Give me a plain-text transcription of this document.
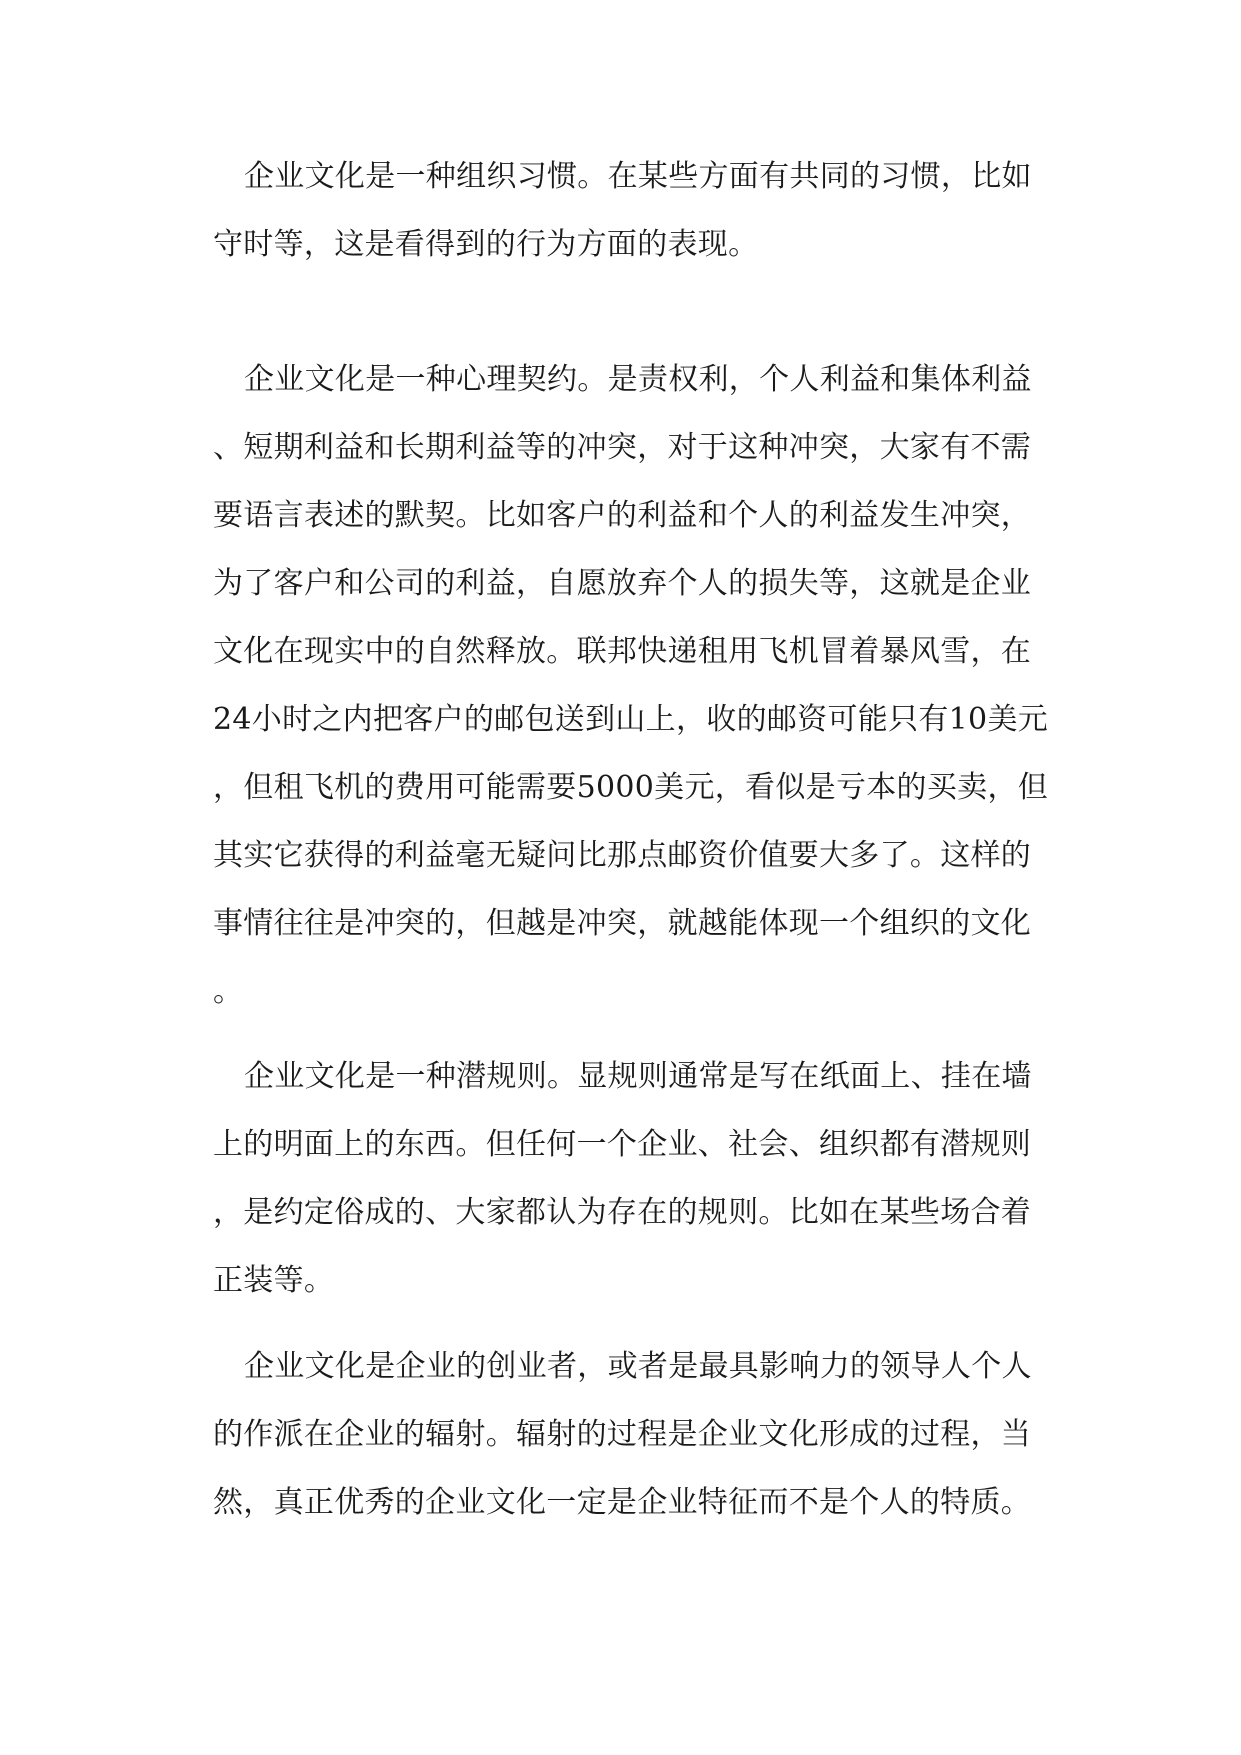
企业文化是一种组织习惯。在某些方面有共同的习惯，比如
守时等，这是看得到的行为方面的表现。
企业文化是一种心理契约。是责权利，个人利益和集体利益
、短期利益和长期利益等的冲突，对于这种冲突，大家有不需
要语言表述的默契。比如客户的利益和个人的利益发生冲突，
为了客户和公司的利益，自愿放弃个人的损失等，这就是企业
文化在现实中的自然释放。联邦快递租用飞机冒着暴风雪，在
24小时之内把客户的邮包送到山上，收的邮资可能只有10美元
，但租飞机的费用可能需要5000美元，看似是亏本的买卖，但
其实它获得的利益毫无疑问比那点邮资价值要大多了。这样的
事情往往是冲突的，但越是冲突，就越能体现一个组织的文化
。
企业文化是一种潜规则。显规则通常是写在纸面上、挂在墙
上的明面上的东西。但任何一个企业、社会、组织都有潜规则
，是约定俗成的、大家都认为存在的规则。比如在某些场合着
正装等。
企业文化是企业的创业者，或者是最具影响力的领导人个人
的作派在企业的辐射。辐射的过程是企业文化形成的过程，当
然，真正优秀的企业文化一定是企业特征而不是个人的特质。
